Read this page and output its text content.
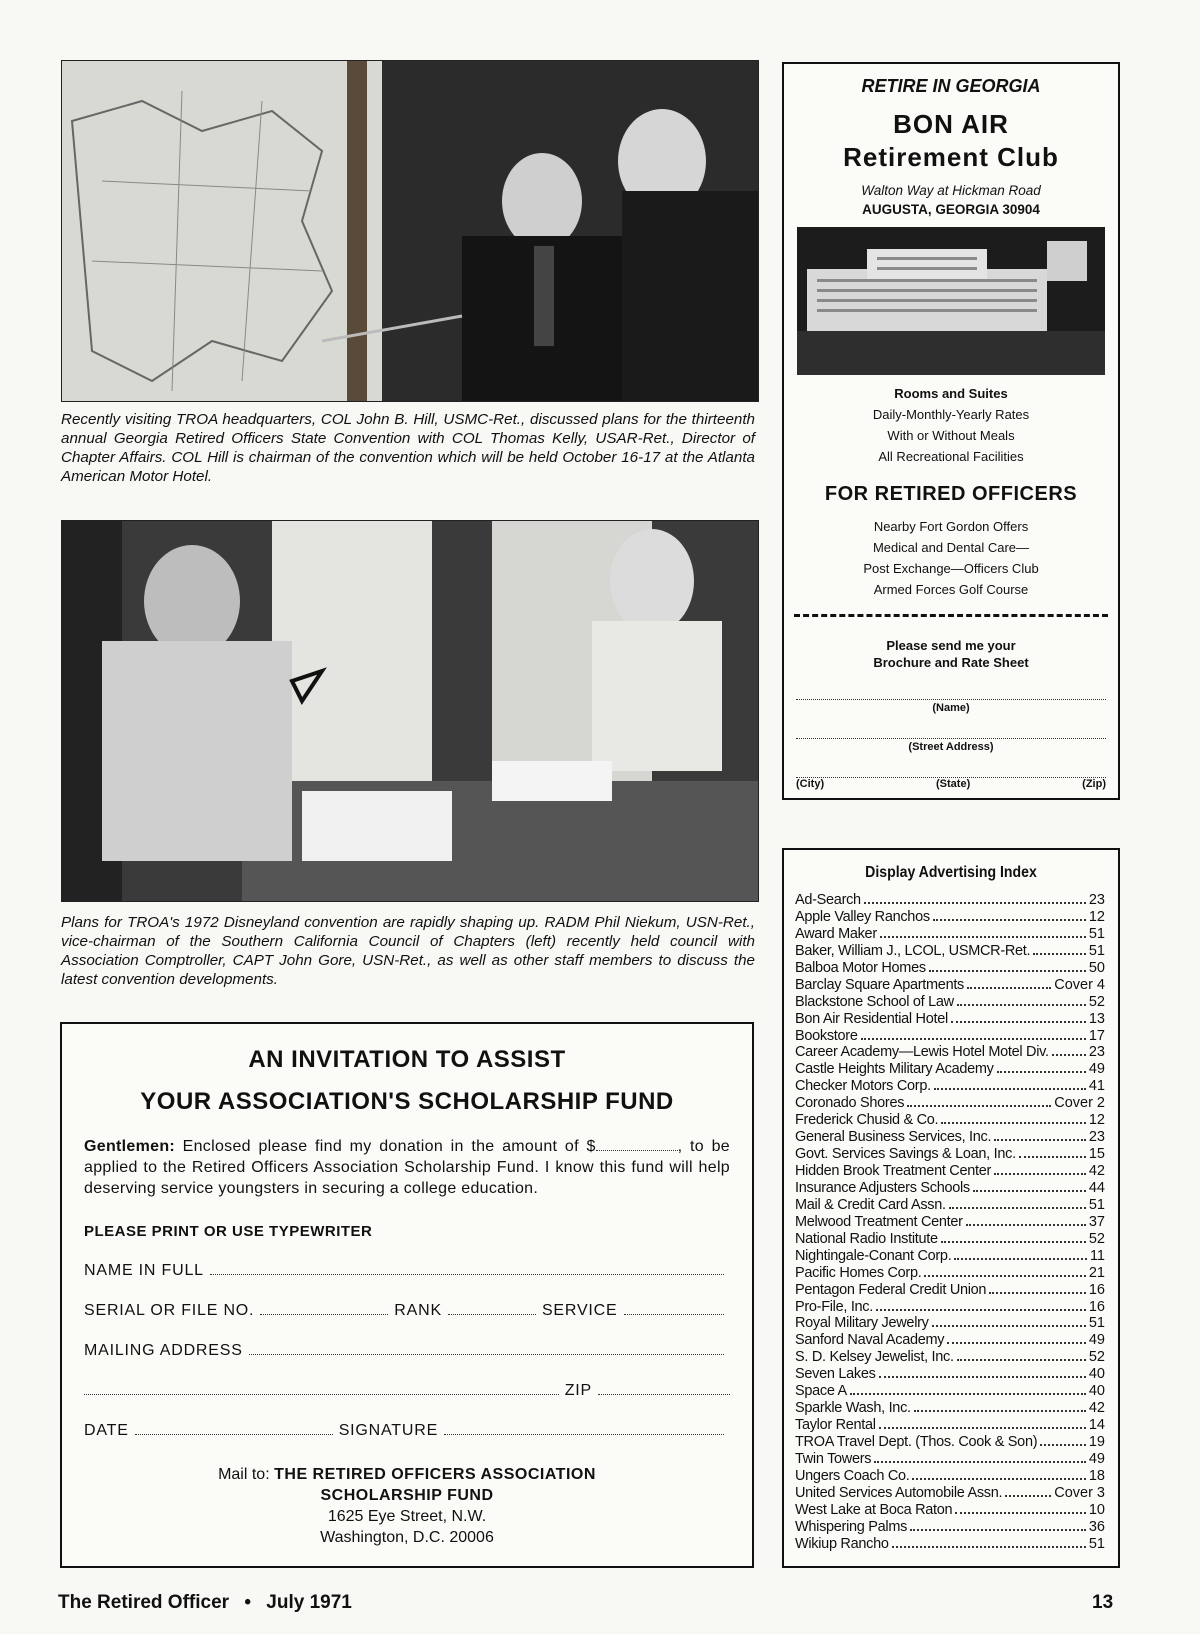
Recently visiting TROA headquarters, COL John B. Hill, USMC-Ret., discussed plans for the thirteenth annual Georgia Retired Officers State Convention with COL Thomas Kelly, USAR-Ret., Director of Chapter Affairs. COL Hill is chairman of the convention which will be held October 16-17 at the Atlanta American Motor Hotel.
Plans for TROA's 1972 Disneyland convention are rapidly shaping up. RADM Phil Niekum, USN-Ret., vice-chairman of the Southern California Council of Chapters (left) recently held council with Association Comptroller, CAPT John Gore, USN-Ret., as well as other staff members to discuss the latest convention developments.
RETIRE IN GEORGIA
BON AIR
Retirement Club
Walton Way at Hickman Road
AUGUSTA, GEORGIA 30904
Rooms and Suites
Daily-Monthly-Yearly Rates
With or Without Meals
All Recreational Facilities
FOR RETIRED OFFICERS
Nearby Fort Gordon Offers
Medical and Dental Care—
Post Exchange—Officers Club
Armed Forces Golf Course
Please send me your
Brochure and Rate Sheet
(Name)
(Street Address)
(City)	(State)	(Zip)
Display Advertising Index
Ad-Search	23
Apple Valley Ranchos	12
Award Maker	51
Baker, William J., LCOL, USMCR-Ret.	51
Balboa Motor Homes	50
Barclay Square Apartments	Cover 4
Blackstone School of Law	52
Bon Air Residential Hotel	13
Bookstore	17
Career Academy—Lewis Hotel Motel Div.	23
Castle Heights Military Academy	49
Checker Motors Corp.	41
Coronado Shores	Cover 2
Frederick Chusid & Co.	12
General Business Services, Inc.	23
Govt. Services Savings & Loan, Inc.	15
Hidden Brook Treatment Center	42
Insurance Adjusters Schools	44
Mail & Credit Card Assn.	51
Melwood Treatment Center	37
National Radio Institute	52
Nightingale-Conant Corp.	11
Pacific Homes Corp.	21
Pentagon Federal Credit Union	16
Pro-File, Inc.	16
Royal Military Jewelry	51
Sanford Naval Academy	49
S. D. Kelsey Jewelist, Inc.	52
Seven Lakes	40
Space A	40
Sparkle Wash, Inc.	42
Taylor Rental	14
TROA Travel Dept. (Thos. Cook & Son)	19
Twin Towers	49
Ungers Coach Co.	18
United Services Automobile Assn.	Cover 3
West Lake at Boca Raton	10
Whispering Palms	36
Wikiup Rancho	51
AN INVITATION TO ASSIST
YOUR ASSOCIATION'S SCHOLARSHIP FUND
Gentlemen: Enclosed please find my donation in the amount of $	, to be applied to the Retired Officers Association Scholarship Fund. I know this fund will help deserving service youngsters in securing a college education.
PLEASE PRINT OR USE TYPEWRITER
NAME IN FULL
SERIAL OR FILE NO.	RANK	SERVICE
MAILING ADDRESS
ZIP
DATE	SIGNATURE
Mail to: THE RETIRED OFFICERS ASSOCIATION
SCHOLARSHIP FUND
1625 Eye Street, N.W.
Washington, D.C. 20006
The Retired Officer • July 1971	13
